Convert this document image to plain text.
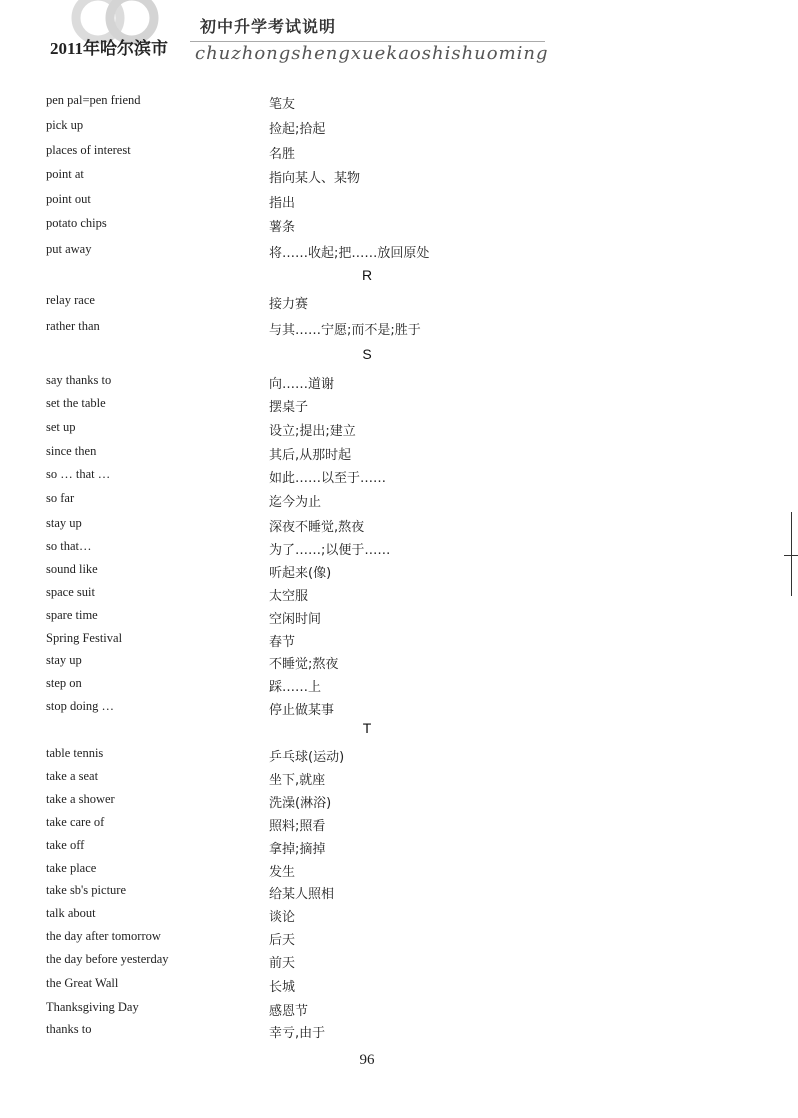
2011年哈尔滨市
初中升学考试说明
chuzhongshengxuekaoshishuoming
pen pal=pen friend	笔友
pick up	捡起;拾起
places of interest	名胜
point at	指向某人、某物
point out	指出
potato chips	薯条
put away	将……收起;把……放回原处
R
relay race	接力赛
rather than	与其……宁愿;而不是;胜于
S
say thanks to	向……道谢
set the table	摆桌子
set up	设立;提出;建立
since then	其后,从那时起
so … that …	如此……以至于……
so far	迄今为止
stay up	深夜不睡觉,熬夜
so that…	为了……;以便于……
sound like	听起来(像)
space suit	太空服
spare time	空闲时间
Spring Festival	春节
stay up	不睡觉;熬夜
step on	踩……上
stop doing …	停止做某事
T
table tennis	乒乓球(运动)
take a seat	坐下,就座
take a shower	洗澡(淋浴)
take care of	照料;照看
take off	拿掉;摘掉
take place	发生
take sb's picture	给某人照相
talk about	谈论
the day after tomorrow	后天
the day before yesterday	前天
the Great Wall	长城
Thanksgiving Day	感恩节
thanks to	幸亏,由于
96
